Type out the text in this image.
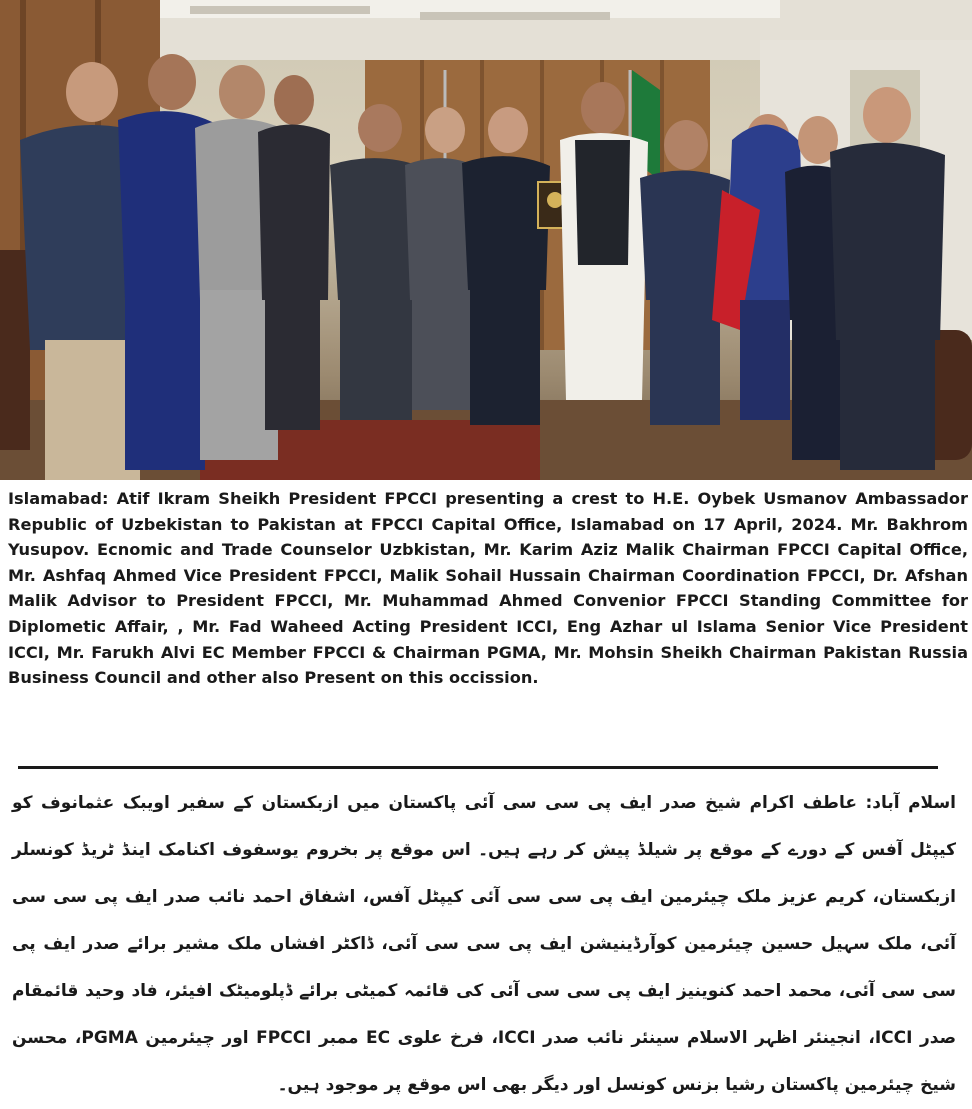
Islamabad: Atif Ikram Sheikh President FPCCI presenting a crest to H.E. Oybek Usmanov Ambassador Republic of Uzbekistan to Pakistan at FPCCI Capital Office, Islamabad on 17 April, 2024. Mr. Bakhrom Yusupov. Ecnomic and Trade Counselor Uzbkistan, Mr. Karim Aziz Malik Chairman FPCCI Capital Office, Mr. Ashfaq Ahmed Vice President FPCCI, Malik Sohail Hussain Chairman Coordination FPCCI, Dr. Afshan Malik Advisor to President FPCCI, Mr. Muhammad Ahmed Convenior FPCCI Standing Committee for Diplometic Affair, , Mr. Fad Waheed Acting President ICCI, Eng Azhar ul Islama Senior Vice President ICCI, Mr. Farukh Alvi EC Member FPCCI & Chairman PGMA, Mr. Mohsin Sheikh Chairman Pakistan Russia Business Council and other also Present on this occission.

اسلام آباد: عاطف اکرام شیخ صدر ایف پی سی سی آئی پاکستان میں ازبکستان کے سفیر اویبک عثمانوف کو کیپٹل آفس کے دورے کے موقع پر شیلڈ پیش کر رہے ہیں۔ اس موقع پر بخروم یوسفوف اکنامک اینڈ ٹریڈ کونسلر ازبکستان، کریم عزیز ملک چیئرمین ایف پی سی سی آئی کیپٹل آفس، اشفاق احمد نائب صدر ایف پی سی سی آئی، ملک سہیل حسین چیئرمین کوآرڈینیشن ایف پی سی سی آئی، ڈاکٹر افشاں ملک مشیر برائے صدر ایف پی سی سی آئی، محمد احمد کنوینیز ایف پی سی سی آئی کی قائمہ کمیٹی برائے ڈپلومیٹک افیئر، فاد وحید قائمقام صدر ICCI، انجینئر اظہر الاسلام سینئر نائب صدر ICCI، فرخ علوی EC ممبر FPCCI اور چیئرمین PGMA، محسن شیخ چیئرمین پاکستان رشیا بزنس کونسل اور دیگر بھی اس موقع پر موجود ہیں۔
